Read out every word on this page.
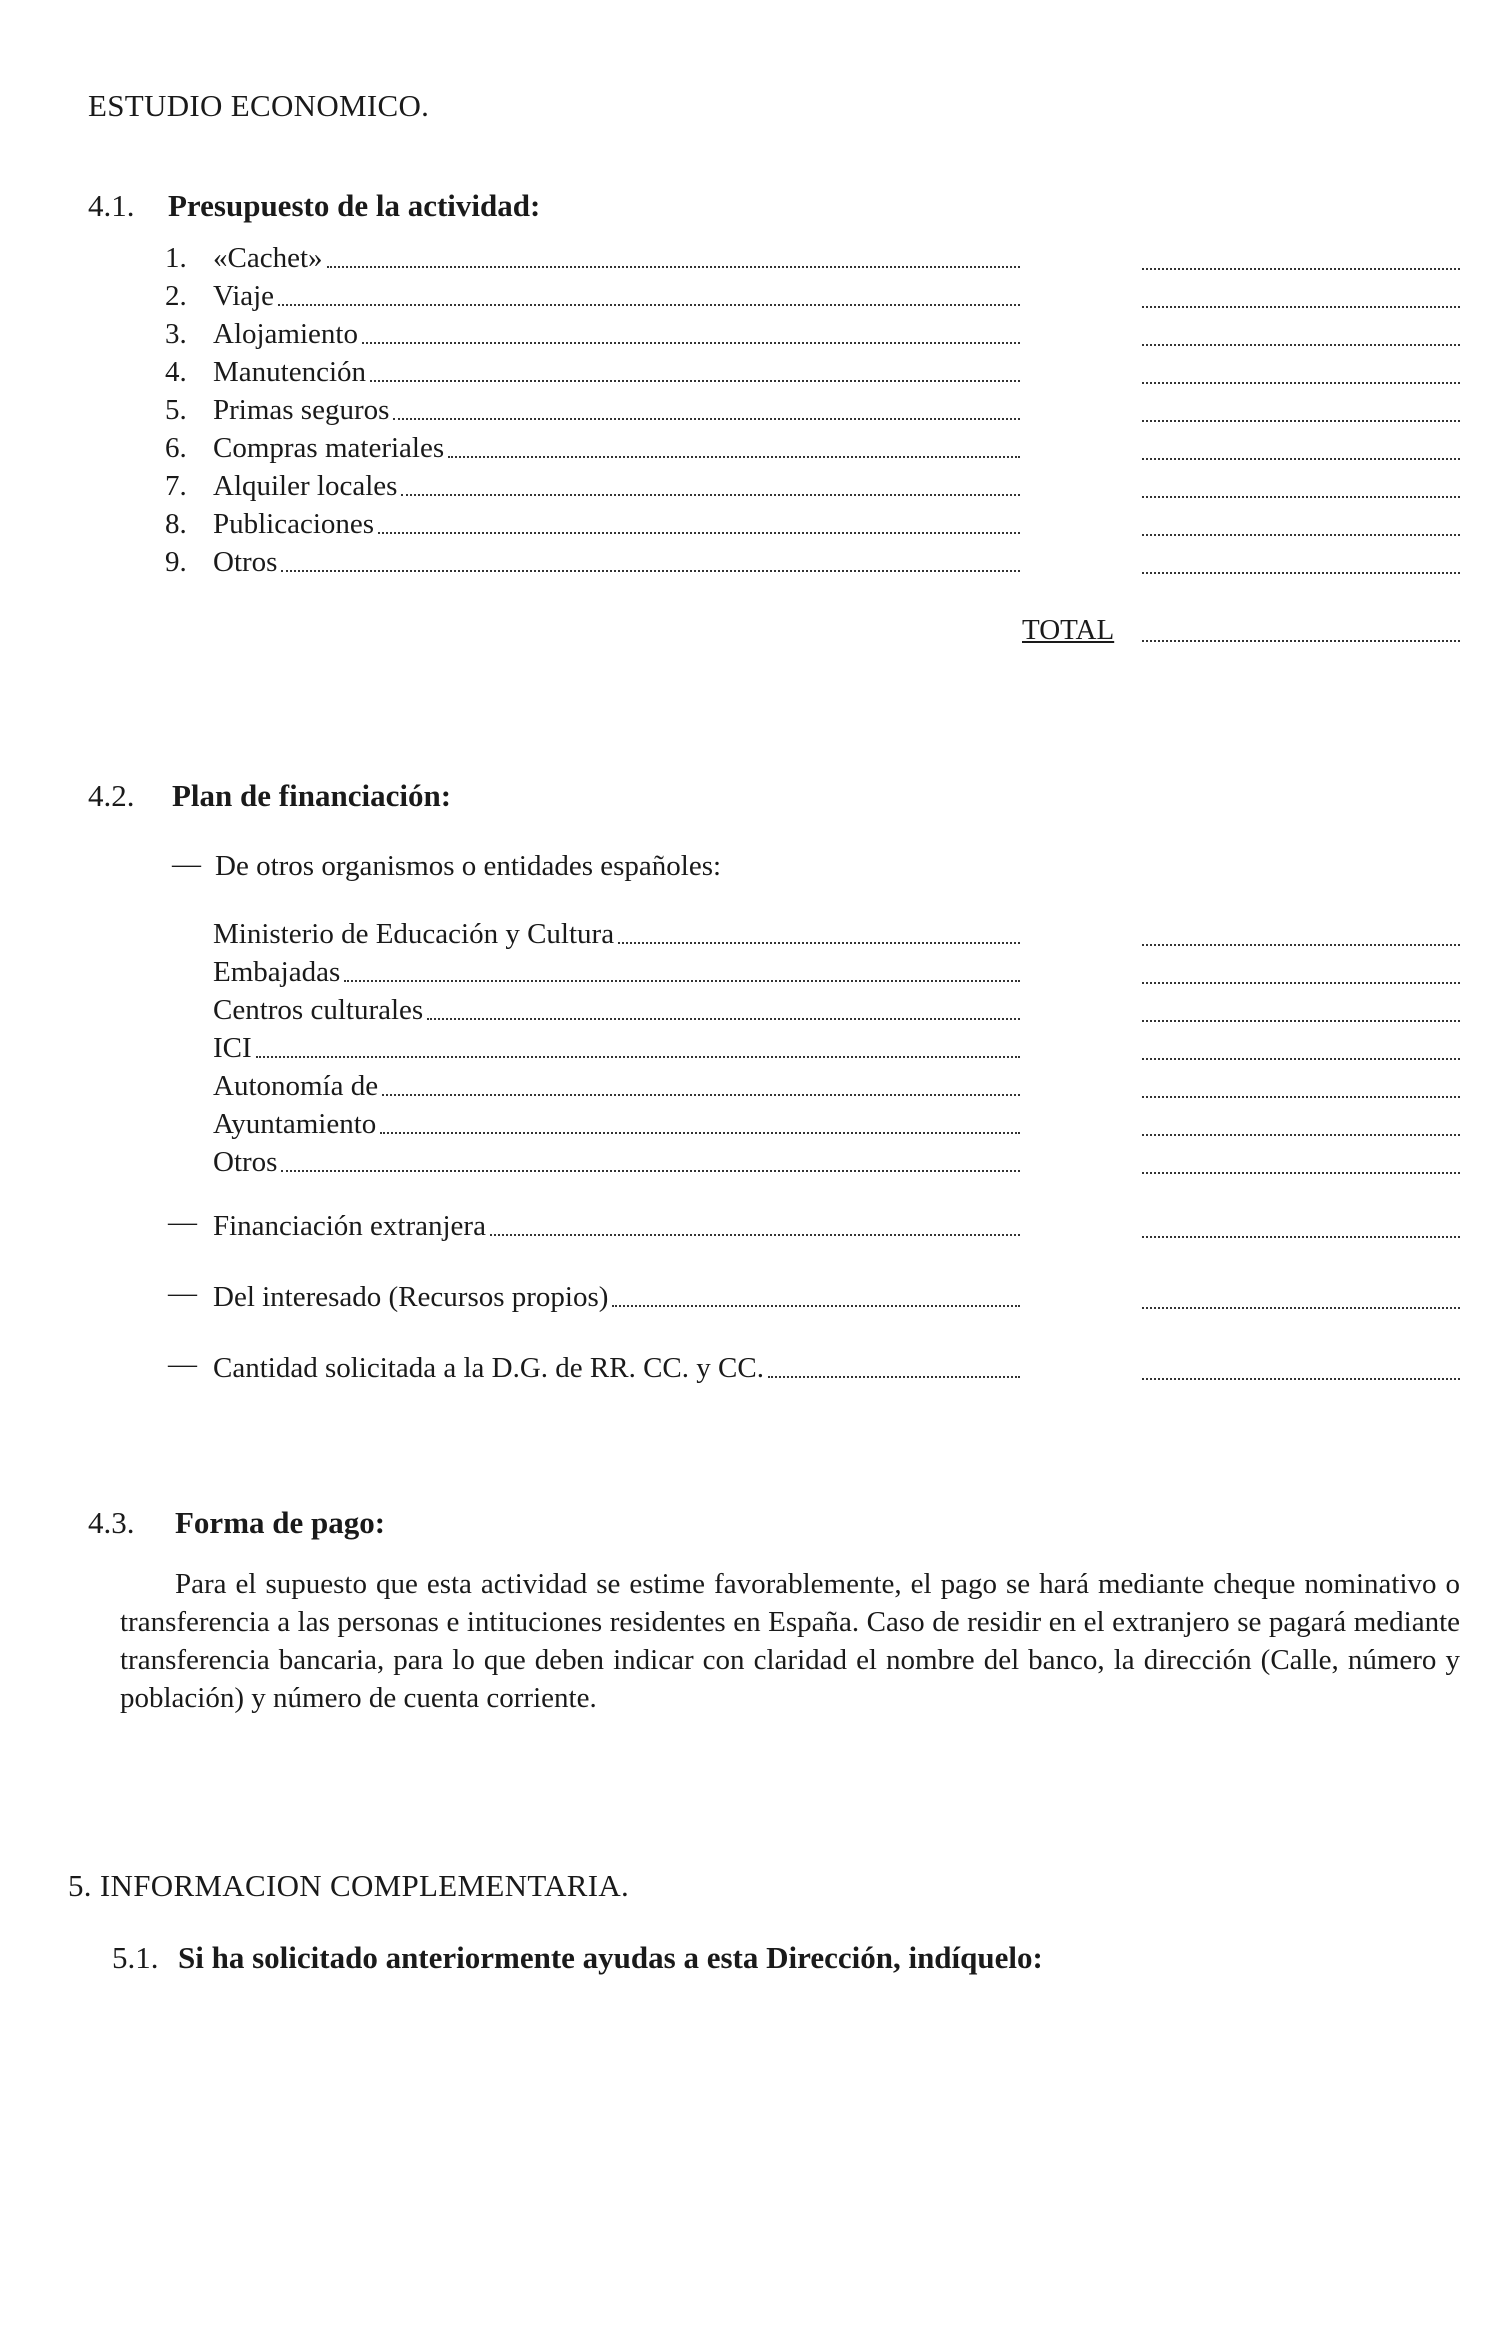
ESTUDIO ECONOMICO.
4.1. Presupuesto de la actividad:
1. «Cachet»
2. Viaje
3. Alojamiento
4. Manutención
5. Primas seguros
6. Compras materiales
7. Alquiler locales
8. Publicaciones
9. Otros
TOTAL
4.2. Plan de financiación:
— De otros organismos o entidades españoles:
Ministerio de Educación y Cultura
Embajadas
Centros culturales
ICI
Autonomía de
Ayuntamiento
Otros
— Financiación extranjera
— Del interesado (Recursos propios)
— Cantidad solicitada a la D.G. de RR. CC. y CC.
4.3. Forma de pago:
Para el supuesto que esta actividad se estime favorablemente, el pago se hará mediante cheque nominativo o transferencia a las personas e intituciones residentes en España. Caso de residir en el extranjero se pagará mediante transferencia bancaria, para lo que deben indicar con claridad el nombre del banco, la dirección (Calle, número y población) y número de cuenta corriente.
5. INFORMACION COMPLEMENTARIA.
5.1. Si ha solicitado anteriormente ayudas a esta Dirección, indíquelo:
